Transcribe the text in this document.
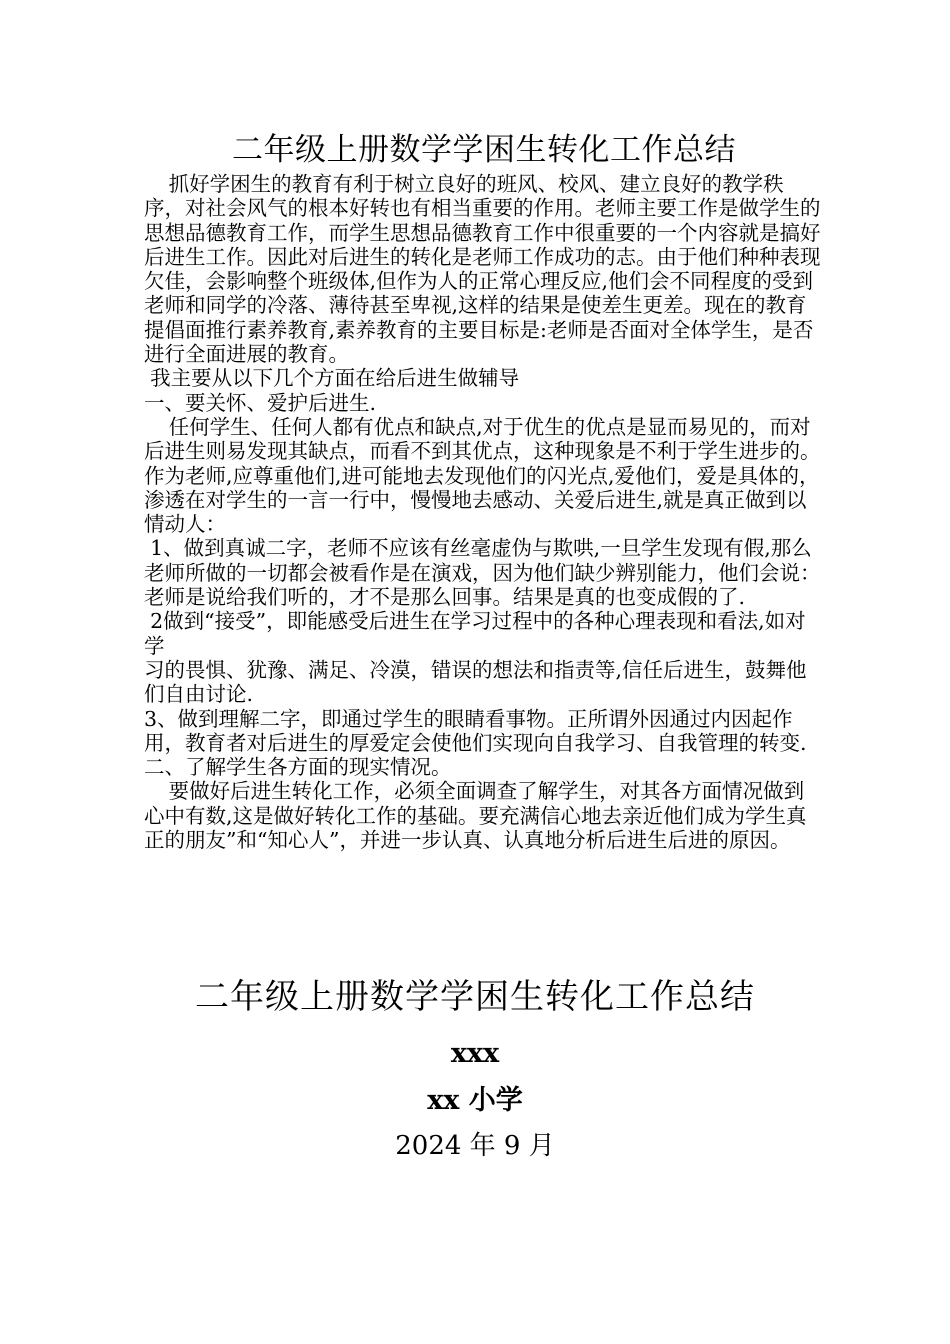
二年级上册数学学困生转化工作总结

抓好学困生的教育有利于树立良好的班风、校风、建立良好的教学秩序，对社会风气的根本好转也有相当重要的作用。老师主要工作是做学生的思想品德教育工作，而学生思想品德教育工作中很重要的一个内容就是搞好后进生工作。因此对后进生的转化是老师工作成功的志。由于他们种种表现欠佳，会影响整个班级体,但作为人的正常心理反应,他们会不同程度的受到老师和同学的冷落、薄待甚至卑视,这样的结果是使差生更差。现在的教育提倡面推行素养教育,素养教育的主要目标是:老师是否面对全体学生，是否进行全面进展的教育。

我主要从以下几个方面在给后进生做辅导

一、要关怀、爱护后进生.

任何学生、任何人都有优点和缺点,对于优生的优点是显而易见的，而对后进生则易发现其缺点，而看不到其优点，这种现象是不利于学生进步的。作为老师,应尊重他们,进可能地去发现他们的闪光点,爱他们，爱是具体的，渗透在对学生的一言一行中，慢慢地去感动、关爱后进生,就是真正做到以情动人：

1、做到真诚二字，老师不应该有丝毫虚伪与欺哄,一旦学生发现有假,那么老师所做的一切都会被看作是在演戏，因为他们缺少辨别能力，他们会说：老师是说给我们听的，才不是那么回事。结果是真的也变成假的了.

2做到“接受”，即能感受后进生在学习过程中的各种心理表现和看法,如对学

习的畏惧、犹豫、满足、冷漠，错误的想法和指责等,信任后进生，鼓舞他们自由讨论.

3、做到理解二字，即通过学生的眼睛看事物。正所谓外因通过内因起作用，教育者对后进生的厚爱定会使他们实现向自我学习、自我管理的转变.

二、了解学生各方面的现实情况。

要做好后进生转化工作，必须全面调查了解学生，对其各方面情况做到心中有数,这是做好转化工作的基础。要充满信心地去亲近他们成为学生真正的朋友”和“知心人”，并进一步认真、认真地分析后进生后进的原因。

二年级上册数学学困生转化工作总结
xxx
xx 小学
2024 年 9 月
